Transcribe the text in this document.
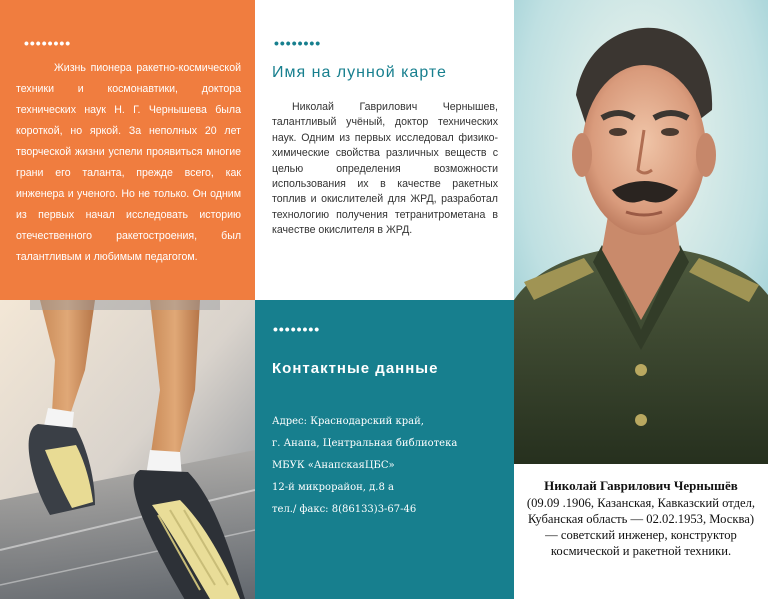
••••••••

Жизнь пионера ракетно-космической техники и космонавтики, доктора технических наук Н. Г. Чернышева была короткой, но яркой. За неполных 20 лет творческой жизни успели проявиться многие грани его таланта, прежде всего, как инженера и ученого. Но не только. Он одним из первых начал исследовать историю отечественного ракетостроения, был талантливым и любимым педагогом.

••••••••
Имя на лунной карте

Николай Гаврилович Чернышев, талантливый учёный, доктор технических наук. Одним из первых исследовал физико-химические свойства различных веществ с целью определения возможности использования их в качестве ракетных топлив и окислителей для ЖРД, разработал технологию получения тетранитрометана в качестве окислителя в ЖРД.

••••••••
Контактные данные
Адрес: Краснодарский край,
г. Анапа, Центральная библиотека
МБУК «АнапскаяЦБС»
12-й микрорайон, д.8 а
тел./ факс: 8(86133)3-67-46
Николай Гаврилович Чернышёв
(09.09 .1906, Казанская, Кавказский отдел, Кубанская область — 02.02.1953, Москва) — советский инженер, конструктор космической и ракетной техники.
